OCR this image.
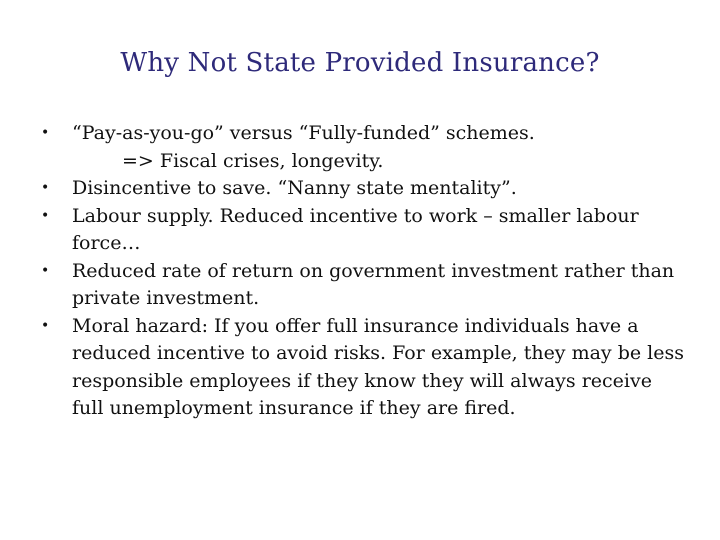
Why Not State Provided Insurance?
• “Pay-as-you-go” versus “Fully-funded” schemes.
=> Fiscal crises, longevity.
• Disincentive to save. “Nanny state mentality”.
• Labour supply. Reduced incentive to work – smaller labour force…
• Reduced rate of return on government investment rather than private investment.
• Moral hazard: If you offer full insurance individuals have a reduced incentive to avoid risks. For example, they may be less responsible employees if they know they will always receive full unemployment insurance if they are fired.
